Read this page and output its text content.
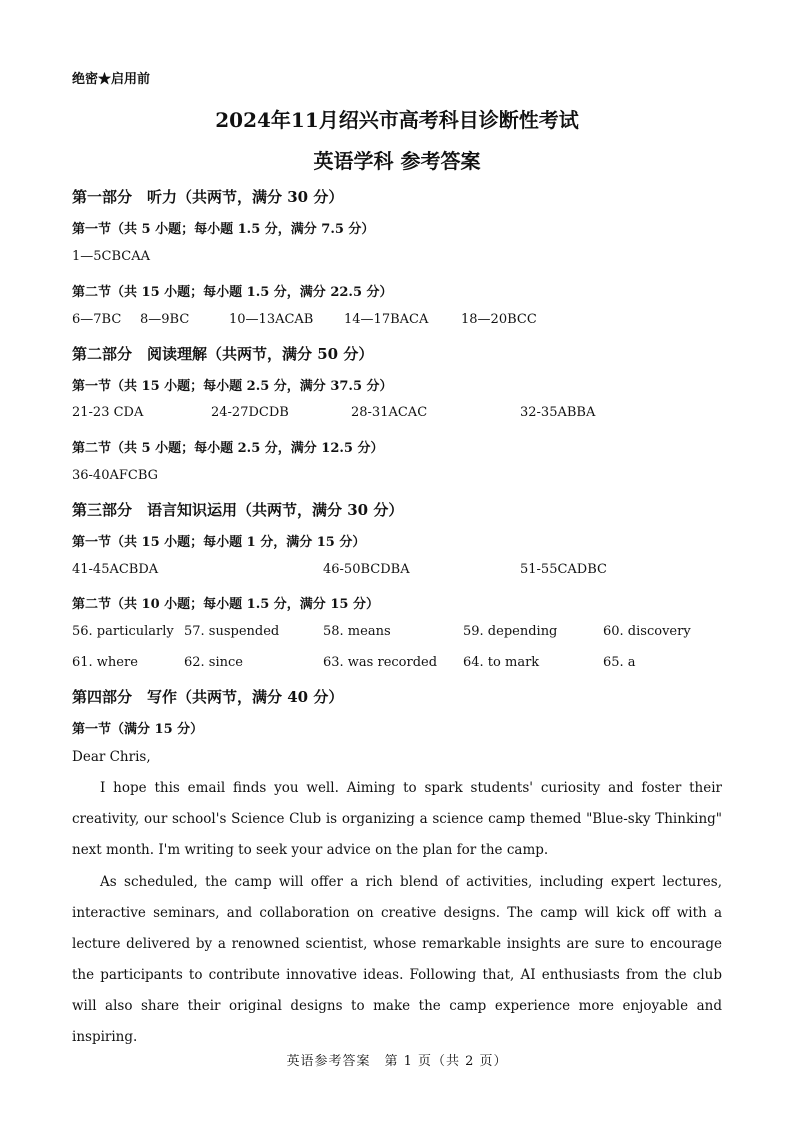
绝密★启用前
2024年11月绍兴市高考科目诊断性考试
英语学科 参考答案
第一部分　听力（共两节，满分 30 分）
第一节（共 5 小题；每小题 1.5 分，满分 7.5 分）
1—5CBCAA
第二节（共 15 小题；每小题 1.5 分，满分 22.5 分）
6—7BC 8—9BC	10—13ACAB 14—17BACA	18—20BCC
第二部分　阅读理解（共两节，满分 50 分）
第一节（共 15 小题；每小题 2.5 分，满分 37.5 分）
21-23 CDA	24-27DCDB	28-31ACAC	32-35ABBA
第二节（共 5 小题；每小题 2.5 分，满分 12.5 分）
36-40AFCBG
第三部分　语言知识运用（共两节，满分 30 分）
第一节（共 15 小题；每小题 1 分，满分 15 分）
41-45ACBDA	46-50BCDBA	51-55CADBC
第二节（共 10 小题；每小题 1.5 分，满分 15 分）
56. particularly 57. suspended	58. means	59. depending	60. discovery
61. where	62. since	63. was recorded 64. to mark	65. a
第四部分　写作（共两节，满分 40 分）
第一节（满分 15 分）
Dear Chris,

I hope this email finds you well. Aiming to spark students' curiosity and foster their creativity, our school's Science Club is organizing a science camp themed "Blue-sky Thinking" next month. I'm writing to seek your advice on the plan for the camp.

As scheduled, the camp will offer a rich blend of activities, including expert lectures, interactive seminars, and collaboration on creative designs. The camp will kick off with a lecture delivered by a renowned scientist, whose remarkable insights are sure to encourage the participants to contribute innovative ideas. Following that, AI enthusiasts from the club will also share their original designs to make the camp experience more enjoyable and inspiring.

英语参考答案　第 1 页（共 2 页）
